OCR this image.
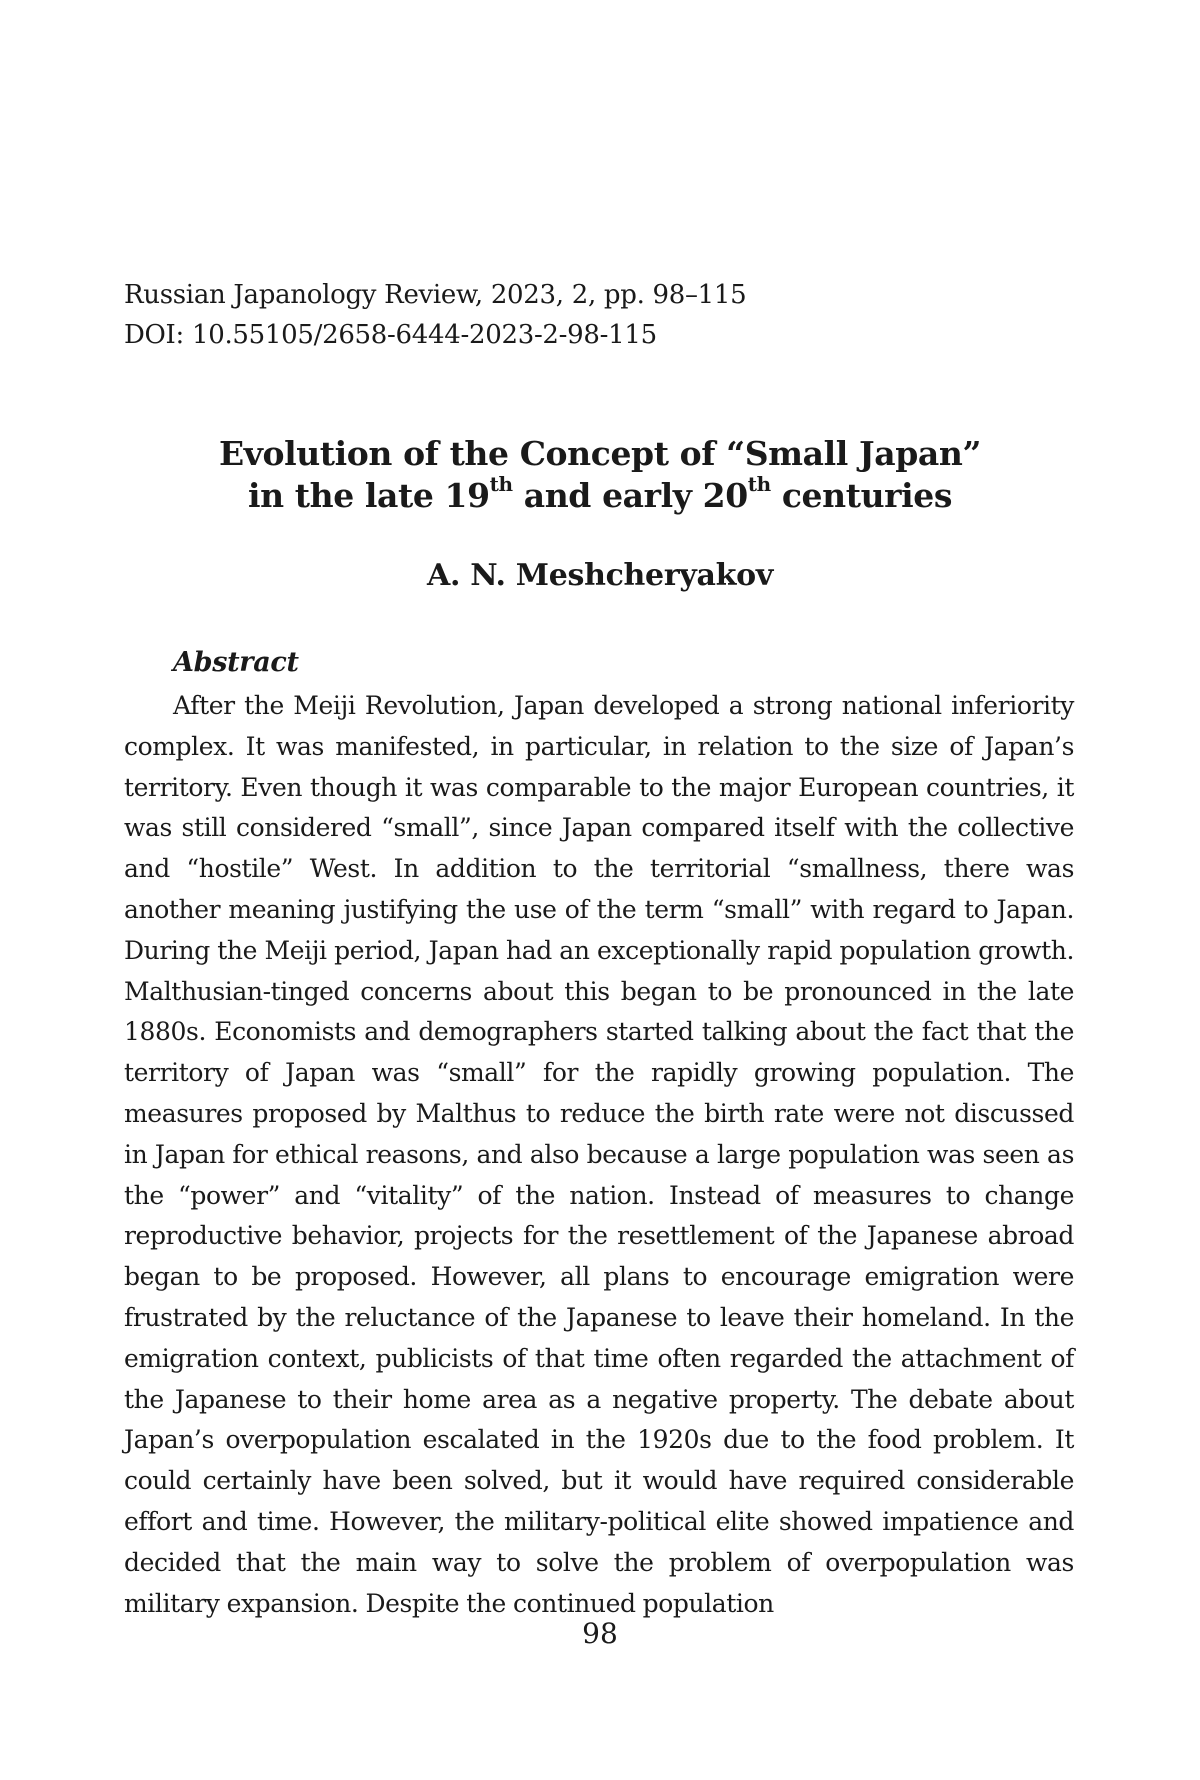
Russian Japanology Review, 2023, 2, pp. 98–115
DOI: 10.55105/2658-6444-2023-2-98-115
Evolution of the Concept of “Small Japan”
in the late 19th and early 20th centuries
A. N. Meshcheryakov
Abstract
After the Meiji Revolution, Japan developed a strong national inferiority complex. It was manifested, in particular, in relation to the size of Japan’s territory. Even though it was comparable to the major European countries, it was still considered “small”, since Japan compared itself with the collective and “hostile” West. In addition to the territorial “smallness, there was another meaning justifying the use of the term “small” with regard to Japan. During the Meiji period, Japan had an exceptionally rapid population growth. Malthusian-tinged concerns about this began to be pronounced in the late 1880s. Economists and demographers started talking about the fact that the territory of Japan was “small” for the rapidly growing population. The measures proposed by Malthus to reduce the birth rate were not discussed in Japan for ethical reasons, and also because a large population was seen as the “power” and “vitality” of the nation. Instead of measures to change reproductive behavior, projects for the resettlement of the Japanese abroad began to be proposed. However, all plans to encourage emigration were frustrated by the reluctance of the Japanese to leave their homeland. In the emigration context, publicists of that time often regarded the attachment of the Japanese to their home area as a negative property. The debate about Japan’s overpopulation escalated in the 1920s due to the food problem. It could certainly have been solved, but it would have required considerable effort and time. However, the military-political elite showed impatience and decided that the main way to solve the problem of overpopulation was military expansion. Despite the continued population
98
